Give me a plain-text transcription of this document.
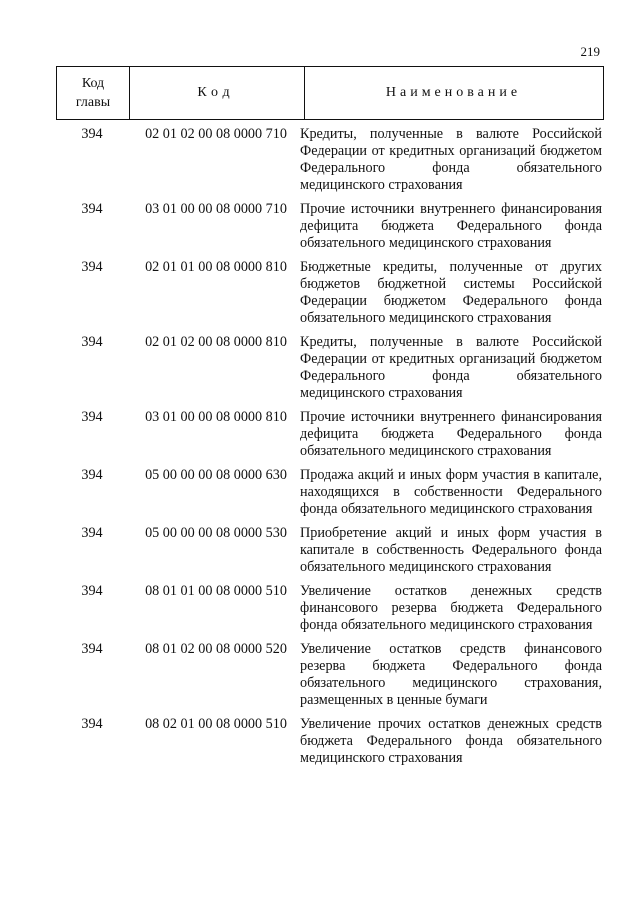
219
Код
главы
Код	Наименование
394	02 01 02 00 08 0000 710 Кредиты, полученные в валюте Российской Федерации от кредитных организаций бюджетом Федерального фонда обязательного медицинского страхования
394	03 01 00 00 08 0000 710 Прочие источники внутреннего финансирования дефицита бюджета Федерального фонда обязательного медицинского страхования
394	02 01 01 00 08 0000 810 Бюджетные кредиты, полученные от других бюджетов бюджетной системы Российской Федерации бюджетом Федерального фонда обязательного медицинского страхования
394	02 01 02 00 08 0000 810 Кредиты, полученные в валюте Российской Федерации от кредитных организаций бюджетом Федерального фонда обязательного медицинского страхования
394	03 01 00 00 08 0000 810 Прочие источники внутреннего финансирования дефицита бюджета Федерального фонда обязательного медицинского страхования
394	05 00 00 00 08 0000 630 Продажа акций и иных форм участия в капитале, находящихся в собственности Федерального фонда обязательного медицинского страхования
394	05 00 00 00 08 0000 530 Приобретение акций и иных форм участия в капитале в собственность Федерального фонда обязательного медицинского страхования
394	08 01 01 00 08 0000 510 Увеличение остатков денежных средств финансового резерва бюджета Федерального фонда обязательного медицинского страхования
394	08 01 02 00 08 0000 520 Увеличение остатков средств финансового резерва бюджета Федерального фонда обязательного медицинского страхования, размещенных в ценные бумаги
394	08 02 01 00 08 0000 510 Увеличение прочих остатков денежных средств бюджета Федерального фонда обязательного медицинского страхования
